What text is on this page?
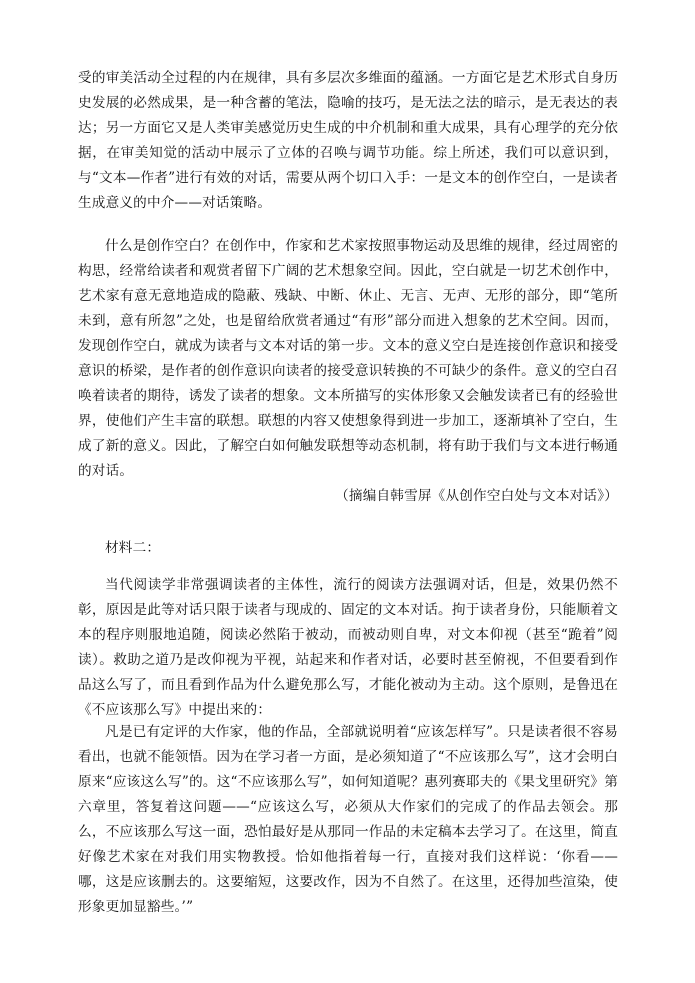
受的审美活动全过程的内在规律，具有多层次多维面的蕴涵。一方面它是艺术形式自身历史发展的必然成果，是一种含蓄的笔法，隐喻的技巧，是无法之法的暗示，是无表达的表达；另一方面它又是人类审美感觉历史生成的中介机制和重大成果，具有心理学的充分依据，在审美知觉的活动中展示了立体的召唤与调节功能。综上所述，我们可以意识到，与“文本—作者”进行有效的对话，需要从两个切口入手：一是文本的创作空白，一是读者生成意义的中介——对话策略。
什么是创作空白？在创作中，作家和艺术家按照事物运动及思维的规律，经过周密的构思，经常给读者和观赏者留下广阔的艺术想象空间。因此，空白就是一切艺术创作中，艺术家有意无意地造成的隐蔽、残缺、中断、休止、无言、无声、无形的部分，即“笔所未到，意有所忽”之处，也是留给欣赏者通过“有形”部分而进入想象的艺术空间。因而，发现创作空白，就成为读者与文本对话的第一步。文本的意义空白是连接创作意识和接受意识的桥梁，是作者的创作意识向读者的接受意识转换的不可缺少的条件。意义的空白召唤着读者的期待，诱发了读者的想象。文本所描写的实体形象又会触发读者已有的经验世界，使他们产生丰富的联想。联想的内容又使想象得到进一步加工，逐渐填补了空白，生成了新的意义。因此，了解空白如何触发联想等动态机制，将有助于我们与文本进行畅通的对话。
（摘编自韩雪屏《从创作空白处与文本对话》）
材料二：
当代阅读学非常强调读者的主体性，流行的阅读方法强调对话，但是，效果仍然不彰，原因是此等对话只限于读者与现成的、固定的文本对话。拘于读者身份，只能顺着文本的程序则服地追随，阅读必然陷于被动，而被动则自卑，对文本仰视（甚至“跪着”阅读）。救助之道乃是改仰视为平视，站起来和作者对话，必要时甚至俯视，不但要看到作品这么写了，而且看到作品为什么避免那么写，才能化被动为主动。这个原则，是鲁迅在《不应该那么写》中提出来的：
凡是已有定评的大作家，他的作品，全部就说明着“应该怎样写”。只是读者很不容易看出，也就不能领悟。因为在学习者一方面，是必须知道了“不应该那么写”，这才会明白原来“应该这么写”的。这“不应该那么写”，如何知道呢？惠列赛耶夫的《果戈里研究》第六章里，答复着这问题——“应该这么写，必须从大作家们的完成了的作品去领会。那么，不应该那么写这一面，恐怕最好是从那同一作品的未定稿本去学习了。在这里，简直好像艺术家在对我们用实物教授。恰如他指着每一行，直接对我们这样说：‘你看——哪，这是应该删去的。这要缩短，这要改作，因为不自然了。在这里，还得加些渲染，使形象更加显豁些。’”
